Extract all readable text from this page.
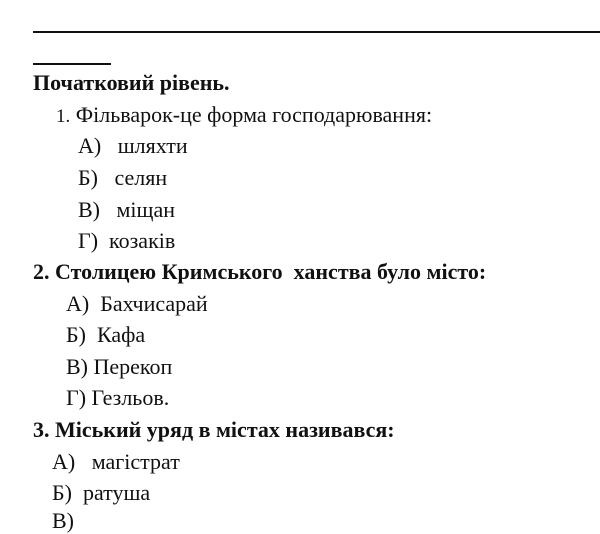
Початковий рівень.
1. Фільварок-це форма господарювання:
А) шляхти
Б) селян
В) міщан
Г) козаків
2. Столицею Кримського  ханства було місто:
А) Бахчисарай
Б) Кафа
В) Перекоп
Г) Гезльов.
3. Міський уряд в містах називався:
А) магістрат
Б) ратуша
В)
